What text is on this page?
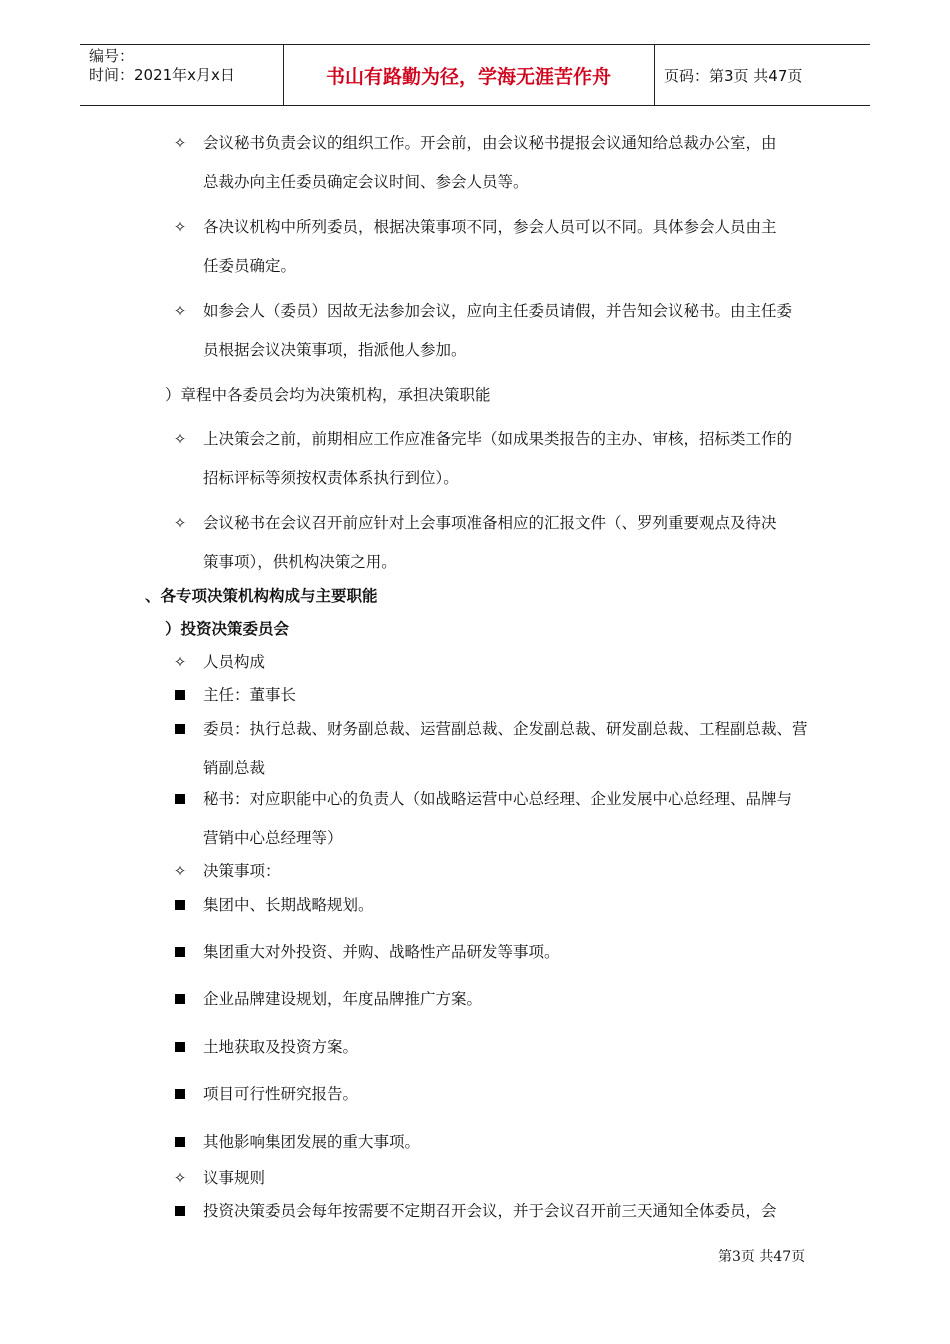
编号：
时间：2021年x月x日	书山有路勤为径，学海无涯苦作舟	页码：第3页 共47页
✧ 会议秘书负责会议的组织工作。开会前，由会议秘书提报会议通知给总裁办公室，由
总裁办向主任委员确定会议时间、参会人员等。
✧ 各决议机构中所列委员，根据决策事项不同，参会人员可以不同。具体参会人员由主
任委员确定。
✧ 如参会人（委员）因故无法参加会议，应向主任委员请假，并告知会议秘书。由主任委
员根据会议决策事项，指派他人参加。
）章程中各委员会均为决策机构，承担决策职能
✧ 上决策会之前，前期相应工作应准备完毕（如成果类报告的主办、审核，招标类工作的
招标评标等须按权责体系执行到位）。
✧ 会议秘书在会议召开前应针对上会事项准备相应的汇报文件（、罗列重要观点及待决
策事项），供机构决策之用。
、各专项决策机构构成与主要职能
）投资决策委员会
✧ 人员构成
主任：董事长
委员：执行总裁、财务副总裁、运营副总裁、企发副总裁、研发副总裁、工程副总裁、营
销副总裁
秘书：对应职能中心的负责人（如战略运营中心总经理、企业发展中心总经理、品牌与
营销中心总经理等）
✧ 决策事项：
集团中、长期战略规划。
集团重大对外投资、并购、战略性产品研发等事项。
企业品牌建设规划，年度品牌推广方案。
土地获取及投资方案。
项目可行性研究报告。
其他影响集团发展的重大事项。
✧ 议事规则
投资决策委员会每年按需要不定期召开会议，并于会议召开前三天通知全体委员，会
第3页 共47页
